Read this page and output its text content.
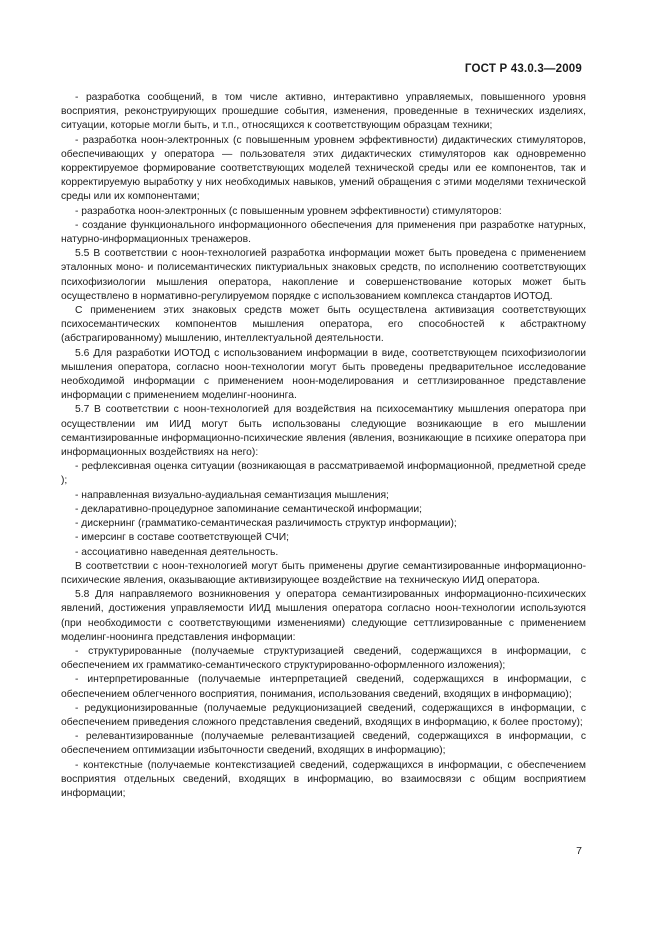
ГОСТ Р 43.0.3—2009

- разработка сообщений, в том числе активно, интерактивно управляемых, повышенного уровня восприятия, реконструирующих прошедшие события, изменения, проведенные в технических изделиях, ситуации, которые могли быть, и т.п., относящихся к соответствующим образцам техники;

- разработка ноон-электронных (с повышенным уровнем эффективности) дидактических стимуляторов, обеспечивающих у оператора — пользователя этих дидактических стимуляторов как одновременно корректируемое формирование соответствующих моделей технической среды или ее компонентов, так и корректируемую выработку у них необходимых навыков, умений обращения с этими моделями технической среды или их компонентами;

- разработка ноон-электронных (с повышенным уровнем эффективности) стимуляторов:

- создание функционального информационного обеспечения для применения при разработке натурных, натурно-информационных тренажеров.

5.5 В соответствии с ноон-технологией разработка информации может быть проведена с применением эталонных моно- и полисемантических пиктуриальных знаковых средств, по исполнению соответствующих психофизиологии мышления оператора, накопление и совершенствование которых может быть осуществлено в нормативно-регулируемом порядке с использованием комплекса стандартов ИОТОД.

С применением этих знаковых средств может быть осуществлена активизация соответствующих психосемантических компонентов мышления оператора, его способностей к абстрактному (абстрагированному) мышлению, интеллектуальной деятельности.

5.6 Для разработки ИОТОД с использованием информации в виде, соответствующем психофизиологии мышления оператора, согласно ноон-технологии могут быть проведены предварительное исследование необходимой информации с применением ноон-моделирования и сеттлизированное представление информации с применением моделинг-ноонинга.

5.7 В соответствии с ноон-технологией для воздействия на психосемантику мышления оператора при осуществлении им ИИД могут быть использованы следующие возникающие в его мышлении семантизированные информационно-психические явления (явления, возникающие в психике оператора при информационных воздействиях на него):

- рефлексивная оценка ситуации (возникающая в рассматриваемой информационной, предметной среде );

- направленная визуально-аудиальная семантизация мышления;

- декларативно-процедурное запоминание семантической информации;

- дискернинг (грамматико-семантическая различимость структур информации);

- имерсинг в составе соответствующей СЧИ;

- ассоциативно наведенная деятельность.

В соответствии с ноон-технологией могут быть применены другие семантизированные информационно-психические явления, оказывающие активизирующее воздействие на техническую ИИД оператора.

5.8 Для направляемого возникновения у оператора семантизированных информационно-психических явлений, достижения управляемости ИИД мышления оператора согласно ноон-технологии используются (при необходимости с соответствующими изменениями) следующие сеттлизированные с применением моделинг-ноонинга представления информации:

- структурированные (получаемые структуризацией сведений, содержащихся в информации, с обеспечением их грамматико-семантического структурированно-оформленного изложения);

- интерпретированные (получаемые интерпретацией сведений, содержащихся в информации, с обеспечением облегченного восприятия, понимания, использования сведений, входящих в информацию);

- редукционизированные (получаемые редукционизацией сведений, содержащихся в информации, с обеспечением приведения сложного представления сведений, входящих в информацию, к более простому);

- релевантизированные (получаемые релевантизацией сведений, содержащихся в информации, с обеспечением оптимизации избыточности сведений, входящих в информацию);

- контекстные (получаемые контекстизацией сведений, содержащихся в информации, с обеспечением восприятия отдельных сведений, входящих в информацию, во взаимосвязи с общим восприятием информации;

7
